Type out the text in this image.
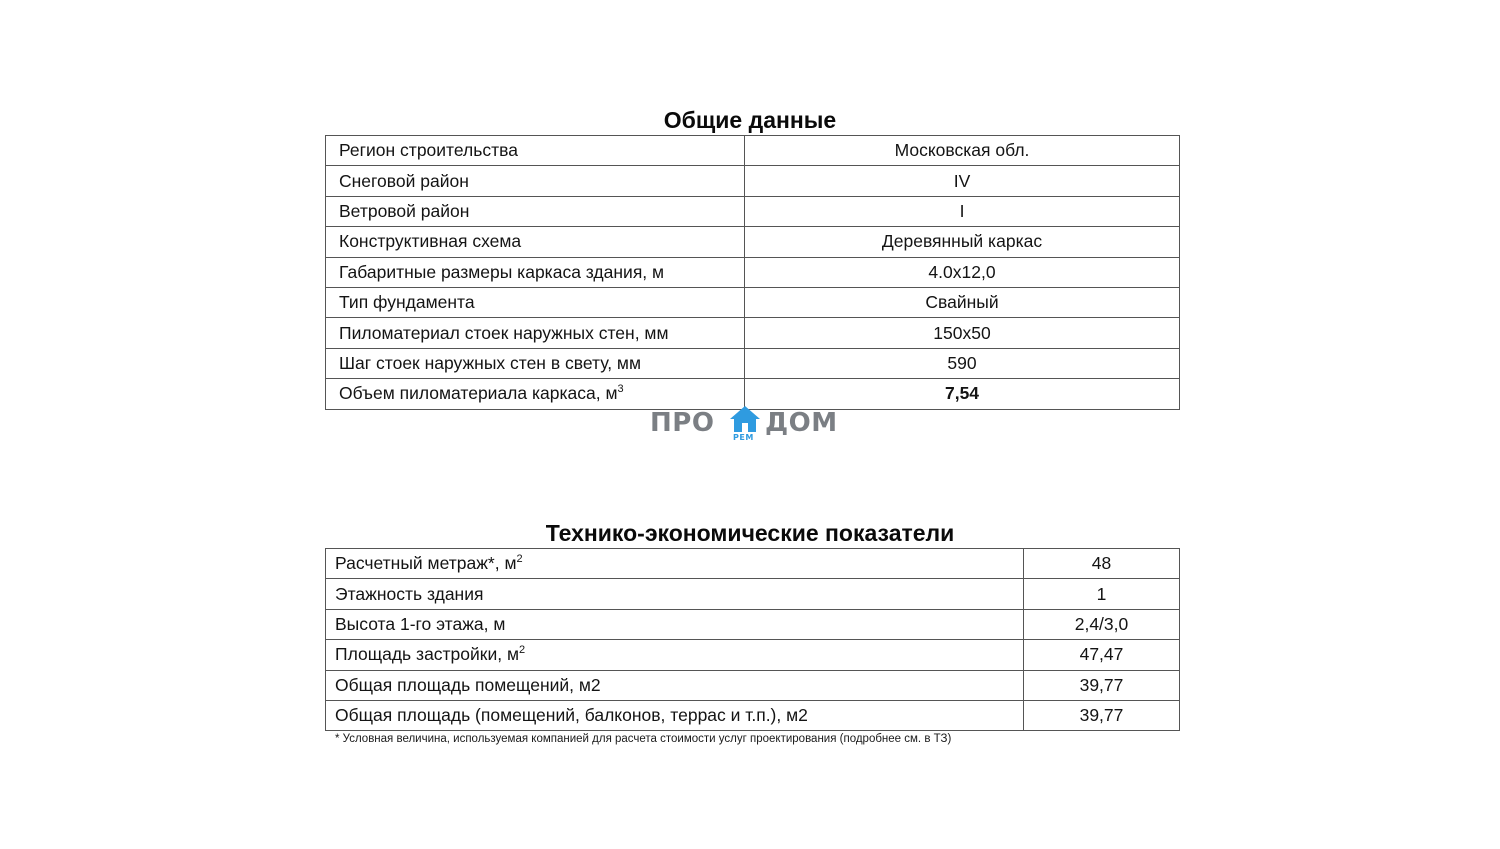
Общие данные
Регион строительства	Московская обл.
Снеговой район	IV
Ветровой район	I
Конструктивная схема	Деревянный каркас
Габаритные размеры каркаса здания, м	4.0x12,0
Тип фундамента	Свайный
Пиломатериал стоек наружных стен, мм	150x50
Шаг стоек наружных стен в свету, мм	590
Объем пиломатериала каркаса, $м^3$	7,54
ПРО РЕМ ДОМ
Технико-экономические показатели
Расчетный метраж*, $м^2$	48
Этажность здания	1
Высота 1-го этажа, м	2,4/3,0
Площадь застройки, $м^2$	47,47
Общая площадь помещений, м2	39,77
Общая площадь (помещений, балконов, террас и т.п.), м2	39,77
* Условная величина, используемая компанией для расчета стоимости услуг проектирования (подробнее см. в ТЗ)
